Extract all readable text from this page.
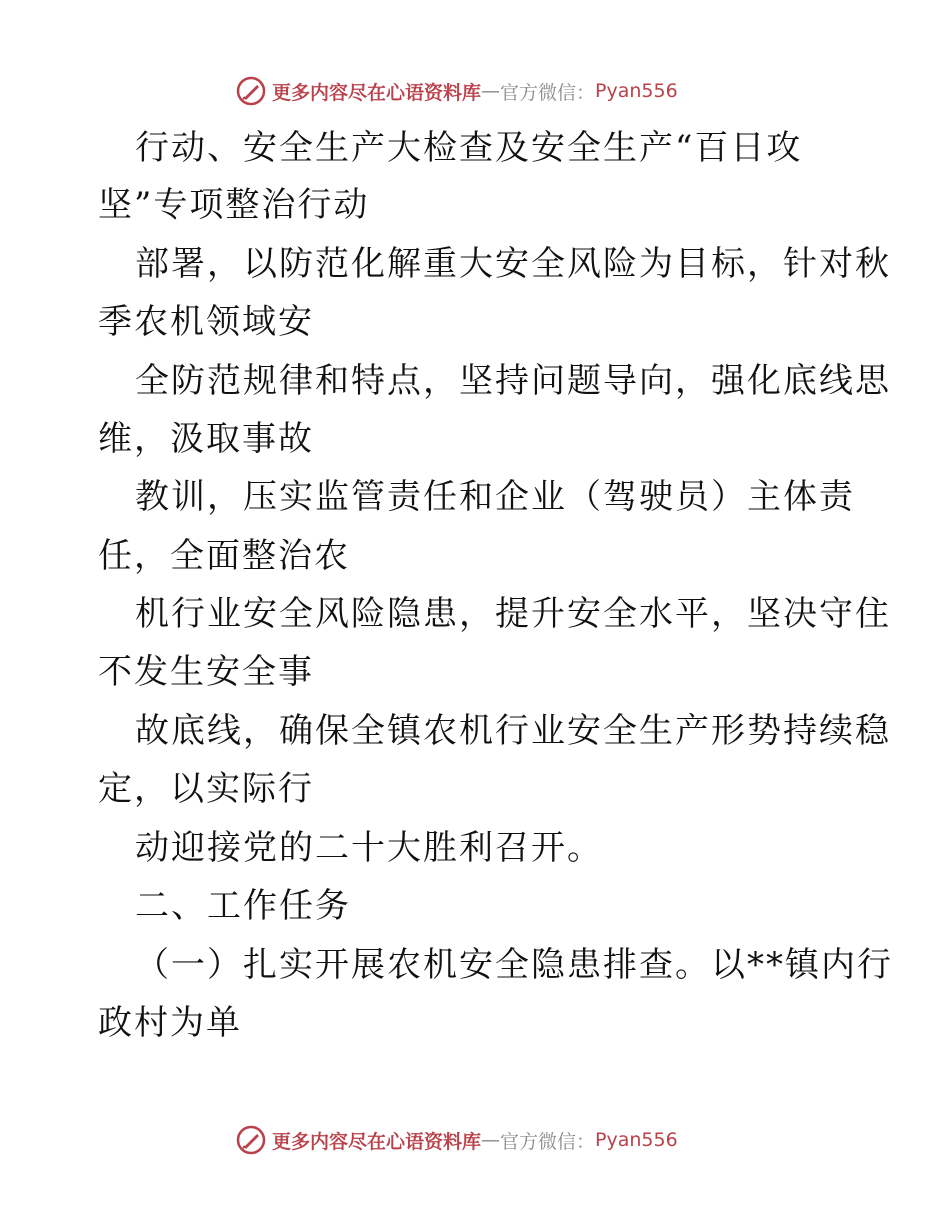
更多内容尽在心语资料库 — 官方微信： Pyan556
行动、安全生产大检查及安全生产“百日攻
坚”专项整治行动
部署，以防范化解重大安全风险为目标，针对秋
季农机领域安
全防范规律和特点，坚持问题导向，强化底线思
维，汲取事故
教训，压实监管责任和企业（驾驶员）主体责
任，全面整治农
机行业安全风险隐患，提升安全水平，坚决守住
不发生安全事
故底线，确保全镇农机行业安全生产形势持续稳
定，以实际行
动迎接党的二十大胜利召开。
二、工作任务
（一）扎实开展农机安全隐患排查。以**镇内行
政村为单
更多内容尽在心语资料库 — 官方微信： Pyan556
